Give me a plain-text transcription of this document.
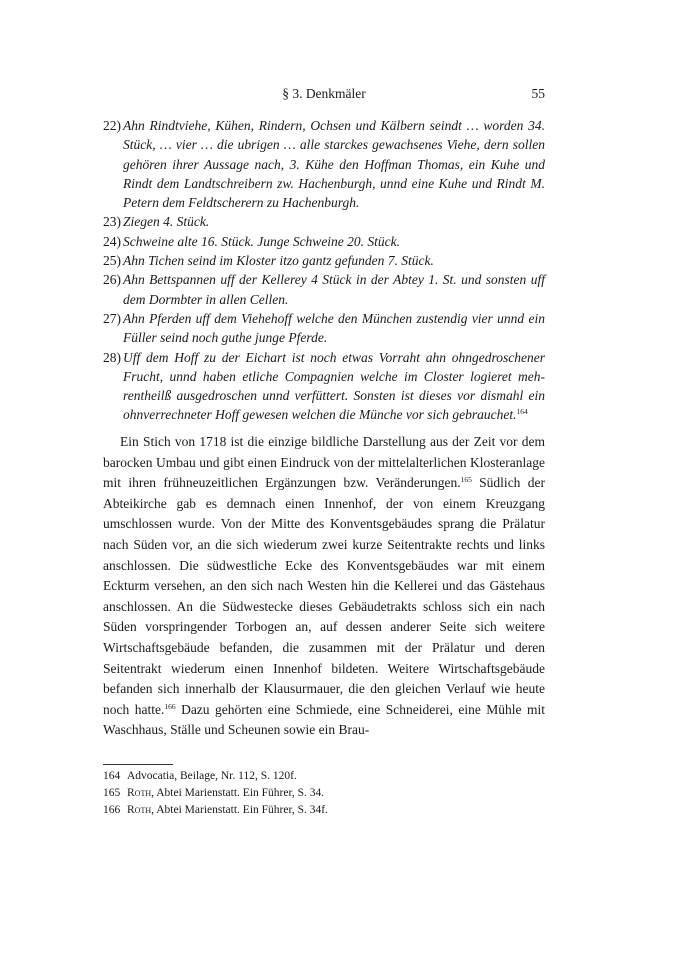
§ 3. Denkmäler	55
22) Ahn Rindtviehe, Kühen, Rindern, Ochsen und Kälbern seindt … worden 34. Stück, … vier … die ubrigen … alle starckes gewachsenes Viehe, dern sollen gehören ihrer Aussage nach, 3. Kühe den Hoffman Thomas, ein Kuhe und Rindt dem Landtschreibern zw. Hachenburgh, unnd eine Kuhe und Rindt M. Petern dem Feldtscherern zu Hachenburgh.
23) Ziegen 4. Stück.
24) Schweine alte 16. Stück. Junge Schweine 20. Stück.
25) Ahn Tichen seind im Kloster itzo gantz gefunden 7. Stück.
26) Ahn Bettspannen uff der Kellerey 4 Stück in der Abtey 1. St. und sonsten uff dem Dormbter in allen Cellen.
27) Ahn Pferden uff dem Viehehoff welche den München zustendig vier unnd ein Füller seind noch guthe junge Pferde.
28) Uff dem Hoff zu der Eichart ist noch etwas Vorraht ahn ohngedroschener Frucht, unnd haben etliche Compagnien welche im Closter logieret mehrentheilß ausgedroschen unnd verfüttert. Sonsten ist dieses vor dismahl ein ohnverrechneter Hoff gewesen welchen die Münche vor sich gebrauchet.$^{164}$

Ein Stich von 1718 ist die einzige bildliche Darstellung aus der Zeit vor dem barocken Umbau und gibt einen Eindruck von der mittelalterlichen Klosteranlage mit ihren frühneuzeitlichen Ergänzungen bzw. Veränderungen.$^{165}$ Südlich der Abteikirche gab es demnach einen Innenhof, der von einem Kreuzgang umschlossen wurde. Von der Mitte des Konventsgebäudes sprang die Prälatur nach Süden vor, an die sich wiederum zwei kurze Seitentrakte rechts und links anschlossen. Die südwestliche Ecke des Konventsgebäudes war mit einem Eckturm versehen, an den sich nach Westen hin die Kellerei und das Gästehaus anschlossen. An die Südwestecke dieses Gebäudetrakts schloss sich ein nach Süden vorspringender Torbogen an, auf dessen anderer Seite sich weitere Wirtschaftsgebäude befanden, die zusammen mit der Prälatur und deren Seitentrakt wiederum einen Innenhof bildeten. Weitere Wirtschaftsgebäude befanden sich innerhalb der Klausurmauer, die den gleichen Verlauf wie heute noch hatte.$^{166}$ Dazu gehörten eine Schmiede, eine Schneiderei, eine Mühle mit Waschhaus, Ställe und Scheunen sowie ein Brau-

164 Advocatia, Beilage, Nr. 112, S. 120f.
165 Roth, Abtei Marienstatt. Ein Führer, S. 34.
166 Roth, Abtei Marienstatt. Ein Führer, S. 34f.
